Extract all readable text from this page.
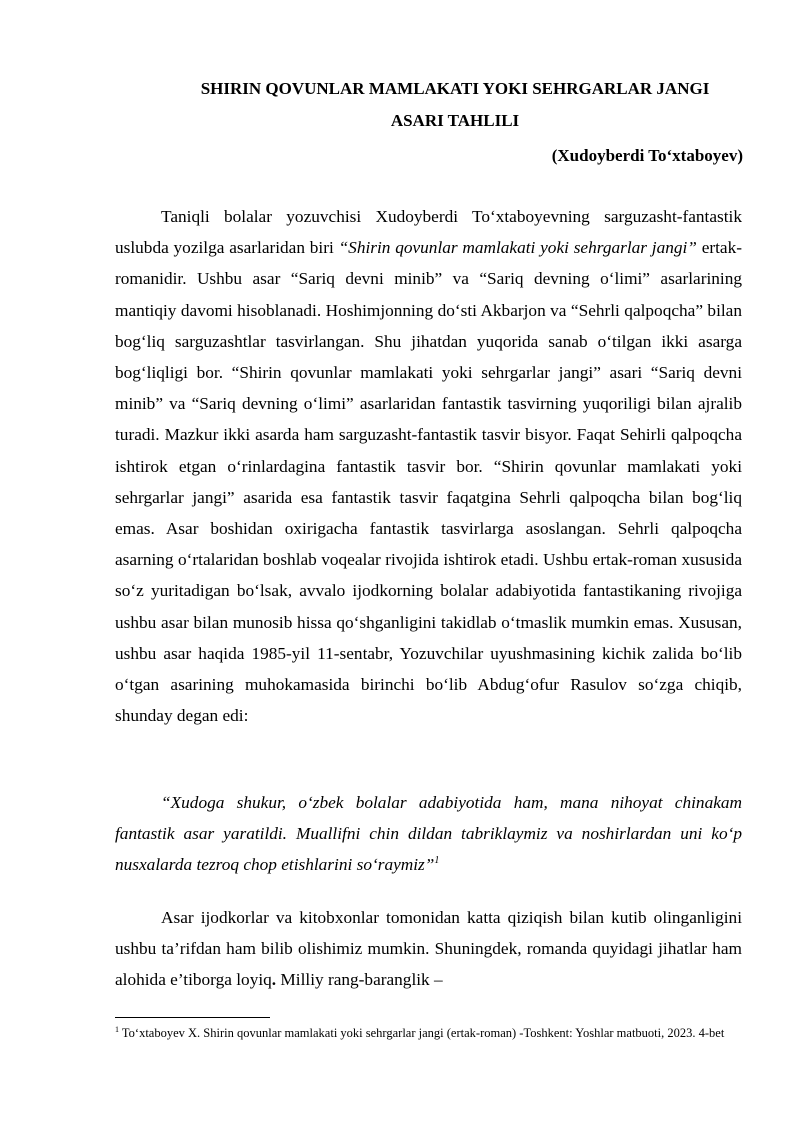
SHIRIN QOVUNLAR MAMLAKATI YOKI SEHRGARLAR JANGI
ASARI TAHLILI
(Xudoyberdi To‘xtaboyev)

Taniqli bolalar yozuvchisi Xudoyberdi To‘xtaboyevning sarguzasht-fantastik uslubda yozilga asarlaridan biri “Shirin qovunlar mamlakati yoki sehrgarlar jangi” ertak-romanidir. Ushbu asar “Sariq devni minib” va “Sariq devning o‘limi” asarlarining mantiqiy davomi hisoblanadi. Hoshimjonning do‘sti Akbarjon va “Sehrli qalpoqcha” bilan bog‘liq sarguzashtlar tasvirlangan. Shu jihatdan yuqorida sanab o‘tilgan ikki asarga bog‘liqligi bor. “Shirin qovunlar mamlakati yoki sehrgarlar jangi” asari “Sariq devni minib” va “Sariq devning o‘limi” asarlaridan fantastik tasvirning yuqoriligi bilan ajralib turadi. Mazkur ikki asarda ham sarguzasht-fantastik tasvir bisyor. Faqat Sehirli qalpoqcha ishtirok etgan o‘rinlardagina fantastik tasvir bor. “Shirin qovunlar mamlakati yoki sehrgarlar jangi” asarida esa fantastik tasvir faqatgina Sehrli qalpoqcha bilan bog‘liq emas. Asar boshidan oxirigacha fantastik tasvirlarga asoslangan. Sehrli qalpoqcha asarning o‘rtalaridan boshlab voqealar rivojida ishtirok etadi. Ushbu ertak-roman xususida so‘z yuritadigan bo‘lsak, avvalo ijodkorning bolalar adabiyotida fantastikaning rivojiga ushbu asar bilan munosib hissa qo‘shganligini takidlab o‘tmaslik mumkin emas. Xususan, ushbu asar haqida 1985-yil 11-sentabr, Yozuvchilar uyushmasining kichik zalida bo‘lib o‘tgan asarining muhokamasida birinchi bo‘lib Abdug‘ofur Rasulov so‘zga chiqib, shunday degan edi:

“Xudoga shukur, o‘zbek bolalar adabiyotida ham, mana nihoyat chinakam fantastik asar yaratildi. Muallifni chin dildan tabriklaymiz va noshirlardan uni ko‘p nusxalarda tezroq chop etishlarini so‘raymiz”$^1$

Asar ijodkorlar va kitobxonlar tomonidan katta qiziqish bilan kutib olinganligini ushbu ta’rifdan ham bilib olishimiz mumkin. Shuningdek, romanda quyidagi jihatlar ham alohida e’tiborga loyiq. Milliy rang-baranglik –

$^1$ To‘xtaboyev X. Shirin qovunlar mamlakati yoki sehrgarlar jangi (ertak-roman) -Toshkent: Yoshlar matbuoti, 2023. 4-bet
